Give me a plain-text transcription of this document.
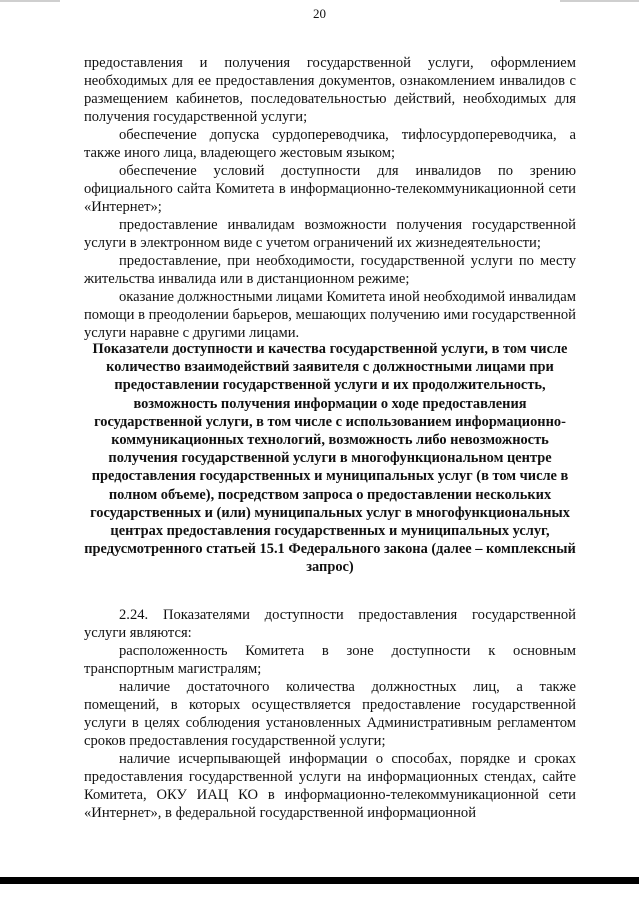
20

предоставления и получения государственной услуги, оформлением необходимых для ее предоставления документов, ознакомлением инвалидов с размещением кабинетов, последовательностью действий, необходимых для получения государственной услуги;

обеспечение допуска сурдопереводчика, тифлосурдопереводчика, а также иного лица, владеющего жестовым языком;

обеспечение условий доступности для инвалидов по зрению официального сайта Комитета в информационно-телекоммуникационной сети «Интернет»;

предоставление инвалидам возможности получения государственной услуги в электронном виде с учетом ограничений их жизнедеятельности;

предоставление, при необходимости, государственной услуги по месту жительства инвалида или в дистанционном режиме;

оказание должностными лицами Комитета иной необходимой инвалидам помощи в преодолении барьеров, мешающих получению ими государственной услуги наравне с другими лицами.

Показатели доступности и качества государственной услуги, в том числе количество взаимодействий заявителя с должностными лицами при предоставлении государственной услуги и их продолжительность, возможность получения информации о ходе предоставления государственной услуги, в том числе с использованием информационно-коммуникационных технологий, возможность либо невозможность получения государственной услуги в многофункциональном центре предоставления государственных и муниципальных услуг (в том числе в полном объеме), посредством запроса о предоставлении нескольких государственных и (или) муниципальных услуг в многофункциональных центрах предоставления государственных и муниципальных услуг, предусмотренного статьей 15.1 Федерального закона (далее – комплексный запрос)

2.24. Показателями доступности предоставления государственной услуги являются:

расположенность Комитета в зоне доступности к основным транспортным магистралям;

наличие достаточного количества должностных лиц, а также помещений, в которых осуществляется предоставление государственной услуги в целях соблюдения установленных Административным регламентом сроков предоставления государственной услуги;

наличие исчерпывающей информации о способах, порядке и сроках предоставления государственной услуги на информационных стендах, сайте Комитета, ОКУ ИАЦ КО в информационно-телекоммуникационной сети «Интернет», в федеральной государственной информационной
